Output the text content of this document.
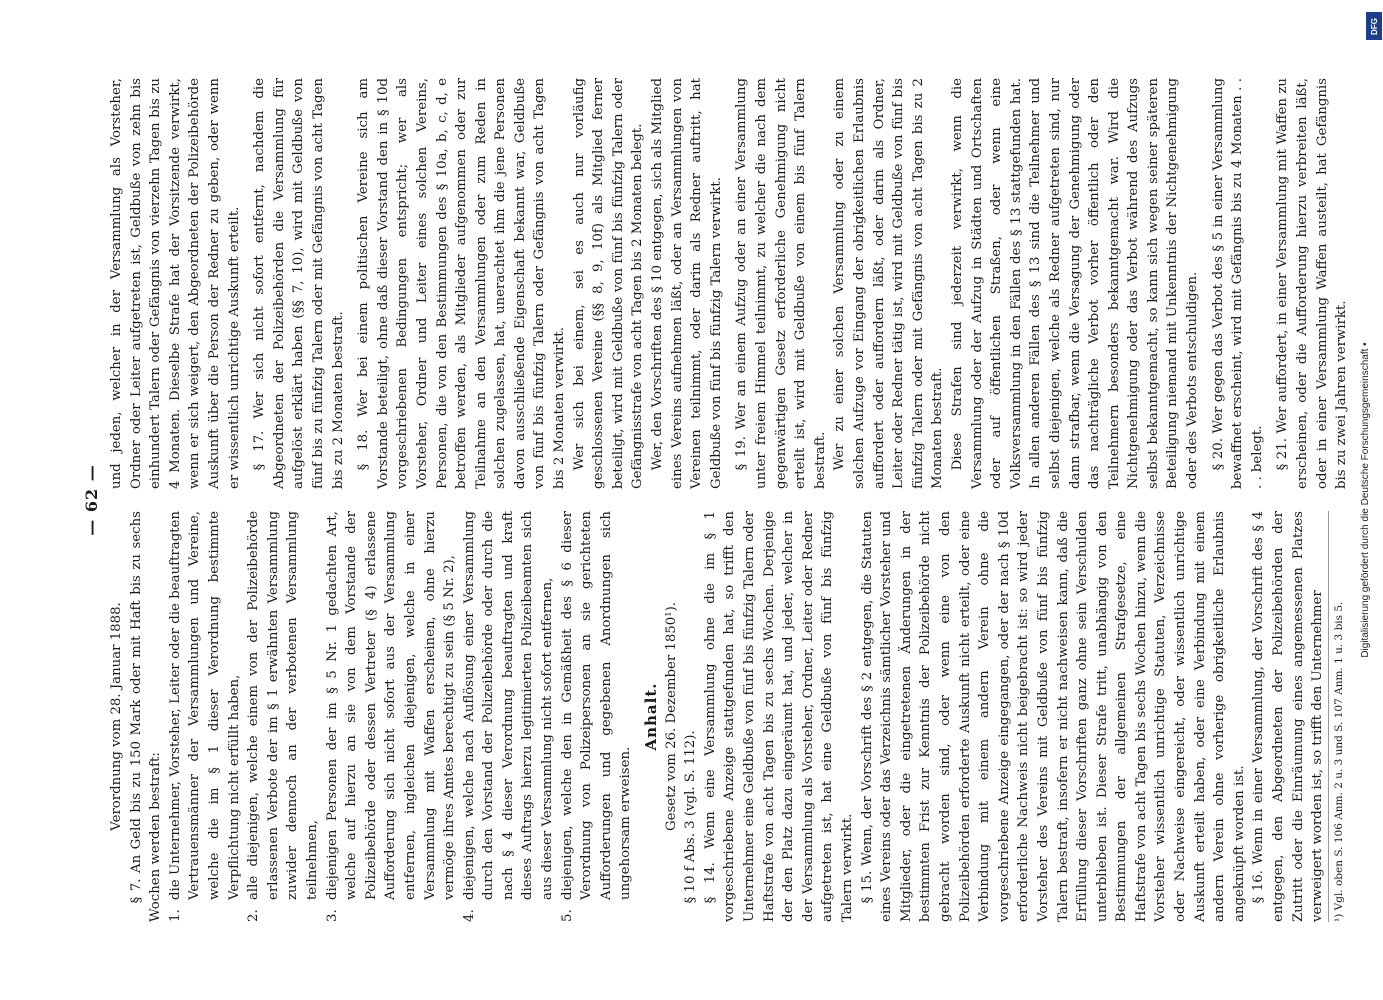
— 62 —

Verordnung vom 28. Januar 1888. § 7. An Geld bis zu 150 Mark oder mit Haft bis zu sechs Wochen werden bestraft: 1.
die Unternehmer, Vorsteher, Leiter oder die beauftragten Vertrauensmänner der Versammlungen und Vereine, welche die im § 1 dieser Verordnung bestimmte Verpflichtung nicht erfüllt haben,
2.
alle diejenigen, welche einem von der Polizeibehörde erlassenen Verbote der im § 1 erwähnten Versammlung zuwider dennoch an der verbotenen Versammlung teilnehmen,
3.
diejenigen Personen der im § 5 Nr. 1 gedachten Art, welche auf hierzu an sie von dem Vorstande der Polizeibehörde oder dessen Vertreter (§ 4) erlassene Aufforderung sich nicht sofort aus der Versammlung entfernen, ingleichen diejenigen, welche in einer Versammlung mit Waffen erscheinen, ohne hierzu vermöge ihres Amtes berechtigt zu sein (§ 5 Nr. 2),
4.
diejenigen, welche nach Auflösung einer Versammlung durch den Vorstand der Polizeibehörde oder durch die nach § 4 dieser Verordnung beauftragten und kraft dieses Auftrags hierzu legitimierten Polizeibeamten sich aus dieser Versammlung nicht sofort entfernen,
5.
diejenigen, welche den in Gemäßheit des § 6 dieser Verordnung von Polizeipersonen an sie gerichteten Aufforderungen und gegebenen Anordnungen sich ungehorsam erweisen.
Anhalt. Gesetz vom 26. Dezember 1850¹). § 10 f Abs. 3 (vgl. S. 112). § 14. Wenn eine Versammlung ohne die im § 1 vorgeschriebene Anzeige stattgefunden hat, so trifft den Unternehmer eine Geldbuße von fünf bis fünfzig Talern oder Haftstrafe von acht Tagen bis zu sechs Wochen. Derjenige der den Platz dazu eingeräumt hat, und jeder, welcher in der Versammlung als Vorsteher, Ordner, Leiter oder Redner aufgetreten ist, hat eine Geldbuße von fünf bis fünfzig Talern verwirkt. § 15. Wenn, der Vorschrift des § 2 entgegen, die Statuten eines Vereins oder das Verzeichnis sämtlicher Vorsteher und Mitglieder, oder die eingetretenen Änderungen in der bestimmten Frist zur Kenntnis der Polizeibehörde nicht gebracht worden sind, oder wenn eine von den Polizeibehörden erforderte Auskunft nicht erteilt, oder eine Verbindung mit einem andern Verein ohne die vorgeschriebene Anzeige eingegangen, oder der nach § 10d erforderliche Nachweis nicht beigebracht ist: so wird jeder Vorsteher des Vereins mit Geldbuße von fünf bis fünfzig Talern bestraft, insofern er nicht nachweisen kann, daß die Erfüllung dieser Vorschriften ganz ohne sein Verschulden unterblieben ist. Dieser Strafe tritt, unabhängig von den Bestimmungen der allgemeinen Strafgesetze, eine Haftstrafe von acht Tagen bis sechs Wochen hinzu, wenn die Vorsteher wissentlich unrichtige Statuten, Verzeichnisse oder Nachweise eingereicht, oder wissentlich unrichtige Auskunft erteilt haben, oder eine Verbindung mit einem andern Verein ohne vorherige obrigkeitliche Erlaubnis angeknüpft worden ist. § 16. Wenn in einer Versammlung, der Vorschrift des § 4 entgegen, den Abgeordneten der Polizeibehörden der Zutritt oder die Einräumung eines angemessenen Platzes verweigert worden ist, so trifft den Unternehmer ¹) Vgl. oben S. 106 Anm. 2 u. 3 und S. 107 Anm. 1 u. 3 bis 5.

und jeden, welcher in der Versammlung als Vorsteher, Ordner oder Leiter aufgetreten ist, Geldbuße von zehn bis einhundert Talern oder Gefängnis von vierzehn Tagen bis zu 4 Monaten. Dieselbe Strafe hat der Vorsitzende verwirkt, wenn er sich weigert, den Abgeordneten der Polizeibehörde Auskunft über die Person der Redner zu geben, oder wenn er wissentlich unrichtige Auskunft erteilt. § 17. Wer sich nicht sofort entfernt, nachdem die Abgeordneten der Polizeibehörden die Versammlung für aufgelöst erklärt haben (§§ 7, 10), wird mit Geldbuße von fünf bis zu fünfzig Talern oder mit Gefängnis von acht Tagen bis zu 2 Monaten bestraft. § 18. Wer bei einem politischen Vereine sich am Vorstande beteiligt, ohne daß dieser Vorstand den in § 10d vorgeschriebenen Bedingungen entspricht; wer als Vorsteher, Ordner und Leiter eines solchen Vereins, Personen, die von den Bestimmungen des § 10a, b, c, d, e betroffen werden, als Mitglieder aufgenommen oder zur Teilnahme an den Versammlungen oder zum Reden in solchen zugelassen, hat, unerachtet ihm die jene Personen davon ausschließende Eigenschaft bekannt war, Geldbuße von fünf bis fünfzig Talern oder Gefängnis von acht Tagen bis 2 Monaten verwirkt. Wer sich bei einem, sei es auch nur vorläufig geschlossenen Vereine (§§ 8, 9, 10f) als Mitglied ferner beteiligt, wird mit Geldbuße von fünf bis fünfzig Talern oder Gefängnisstrafe von acht Tagen bis 2 Monaten belegt. Wer, den Vorschriften des § 10 entgegen, sich als Mitglied eines Vereins aufnehmen läßt, oder an Versammlungen von Vereinen teilnimmt, oder darin als Redner auftritt, hat Geldbuße von fünf bis fünfzig Talern verwirkt. § 19. Wer an einem Aufzug oder an einer Versammlung unter freiem Himmel teilnimmt, zu welcher die nach dem gegenwärtigen Gesetz erforderliche Genehmigung nicht erteilt ist, wird mit Geldbuße von einem bis fünf Talern bestraft. Wer zu einer solchen Versammlung oder zu einem solchen Aufzuge vor Eingang der obrigkeitlichen Erlaubnis auffordert oder auffordern läßt, oder darin als Ordner, Leiter oder Redner tätig ist, wird mit Geldbuße von fünf bis fünfzig Talern oder mit Gefängnis von acht Tagen bis zu 2 Monaten bestraft. Diese Strafen sind jederzeit verwirkt, wenn die Versammlung oder der Aufzug in Städten und Ortschaften oder auf öffentlichen Straßen, oder wenn eine Volksversammlung in den Fällen des § 13 stattgefunden hat. In allen anderen Fällen des § 13 sind die Teilnehmer und selbst diejenigen, welche als Redner aufgetreten sind, nur dann strafbar, wenn die Versagung der Genehmigung oder das nachträgliche Verbot vorher öffentlich oder den Teilnehmern besonders bekanntgemacht war. Wird die Nichtgenehmigung oder das Verbot während des Aufzugs selbst bekanntgemacht, so kann sich wegen seiner späteren Beteiligung niemand mit Unkenntnis der Nichtgenehmigung oder des Verbots entschuldigen. § 20. Wer gegen das Verbot des § 5 in einer Versammlung bewaffnet erscheint, wird mit Gefängnis bis zu 4 Monaten . . . . belegt. § 21. Wer auffordert, in einer Versammlung mit Waffen zu erscheinen, oder die Aufforderung hierzu verbreiten läßt, oder in einer Versammlung Waffen austeilt, hat Gefängnis bis zu zwei Jahren verwirkt. Digitalisierung gefördert durch die Deutsche Forschungsgemeinschaft •
DFG
